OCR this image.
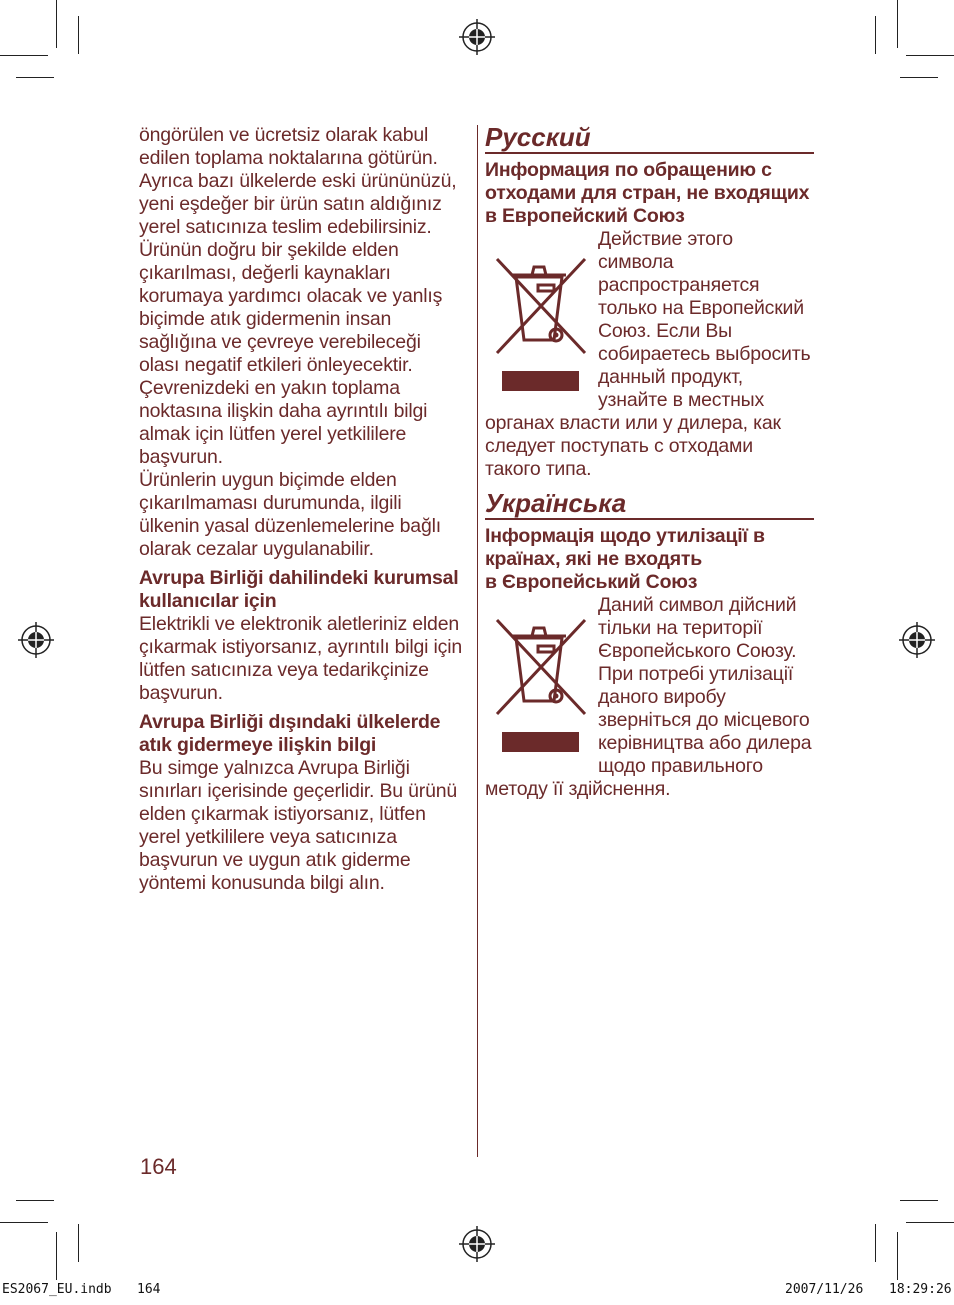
öngörülen ve ücretsiz olarak kabul
edilen toplama noktalarına götürün.
Ayrıca bazı ülkelerde eski ürününüzü,
yeni eşdeğer bir ürün satın aldığınız
yerel satıcınıza teslim edebilirsiniz.
Ürünün doğru bir şekilde elden
çıkarılması, değerli kaynakları
korumaya yardımcı olacak ve yanlış
biçimde atık gidermenin insan
sağlığına ve çevreye verebileceği
olası negatif etkileri önleyecektir.
Çevrenizdeki en yakın toplama
noktasına ilişkin daha ayrıntılı bilgi
almak için lütfen yerel yetkililere
başvurun.
Ürünlerin uygun biçimde elden
çıkarılmaması durumunda, ilgili
ülkenin yasal düzenlemelerine bağlı
olarak cezalar uygulanabilir.

Avrupa Birliği dahilindeki kurumsal
kullanıcılar için

Elektrikli ve elektronik aletleriniz elden
çıkarmak istiyorsanız, ayrıntılı bilgi için
lütfen satıcınıza veya tedarikçinize
başvurun.

Avrupa Birliği dışındaki ülkelerde
atık gidermeye ilişkin bilgi

Bu simge yalnızca Avrupa Birliği
sınırları içerisinde geçerlidir. Bu ürünü
elden çıkarmak istiyorsanız, lütfen
yerel yetkililere veya satıcınıza
başvurun ve uygun atık giderme
yöntemi konusunda bilgi alın.

Русский
Информация по обращению с
отходами для стран, не входящих
в Европейский Союз
Действие этого
символа
распространяется
только на Европейский
Союз. Если Вы
собираетесь выбросить
данный продукт,
узнайте в местных
органах власти или у дилера, как
следует поступать с отходами
такого типа.
Українська
Інформація щодо утилізації в
країнах, які не входять
в Європейський Союз
Даний символ дійсний
тільки на території
Європейського Союзу.
При потребі утилізації
даного виробу
зверніться до місцевого
керівництва або дилера
щодо правильного
методу її здійснення.
164
ES2067_EU.indb 164	2007/11/26 18:29:26
